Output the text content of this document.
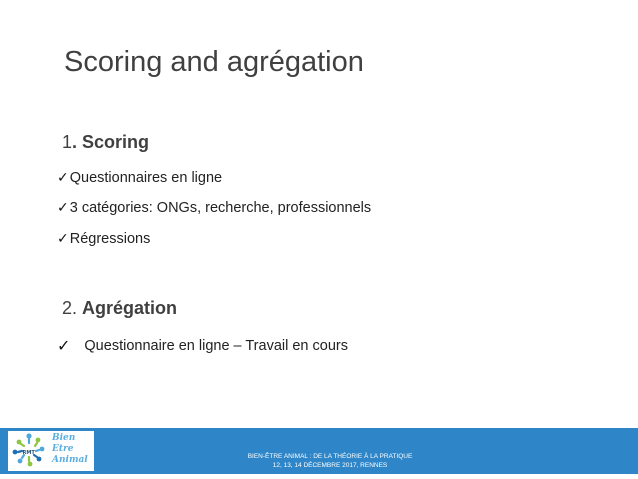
Scoring and agrégation
1. Scoring
✓ Questionnaires en ligne
✓ 3 catégories: ONGs, recherche, professionnels
✓ Régressions
2. Agrégation
✓ Questionnaire en ligne – Travail en cours
RMT
Bien
Etre
Animal	BIEN-ÊTRE ANIMAL : DE LA THÉORIE À LA PRATIQUE
12, 13, 14 DÉCEMBRE 2017, RENNES
